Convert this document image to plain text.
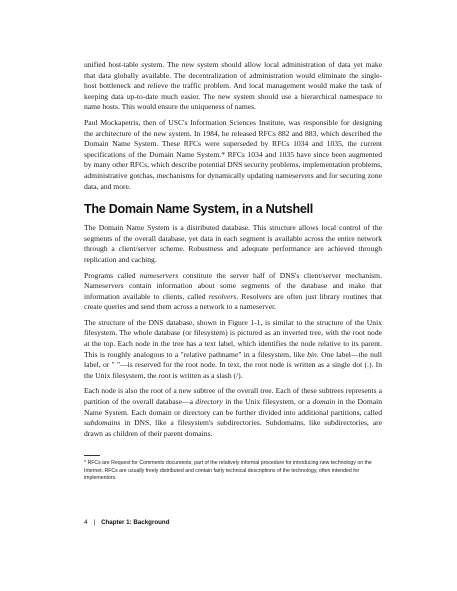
unified host-table system. The new system should allow local administration of data yet make that data globally available. The decentralization of administration would eliminate the single-host bottleneck and relieve the traffic problem. And local management would make the task of keeping data up-to-date much easier. The new system should use a hierarchical namespace to name hosts. This would ensure the uniqueness of names.

Paul Mockapetris, then of USC's Information Sciences Institute, was responsible for designing the architecture of the new system. In 1984, he released RFCs 882 and 883, which described the Domain Name System. These RFCs were superseded by RFCs 1034 and 1035, the current specifications of the Domain Name System.* RFCs 1034 and 1035 have since been augmented by many other RFCs, which describe potential DNS security problems, implementation problems, administrative gotchas, mechanisms for dynamically updating nameservers and for securing zone data, and more.

The Domain Name System, in a Nutshell

The Domain Name System is a distributed database. This structure allows local control of the segments of the overall database, yet data in each segment is available across the entire network through a client/server scheme. Robustness and adequate performance are achieved through replication and caching.

Programs called nameservers constitute the server half of DNS's client/server mechanism. Nameservers contain information about some segments of the database and make that information available to clients, called resolvers. Resolvers are often just library routines that create queries and send them across a network to a nameserver.

The structure of the DNS database, shown in Figure 1-1, is similar to the structure of the Unix filesystem. The whole database (or filesystem) is pictured as an inverted tree, with the root node at the top. Each node in the tree has a text label, which identifies the node relative to its parent. This is roughly analogous to a "relative pathname" in a filesystem, like bin. One label—the null label, or " "—is reserved for the root node. In text, the root node is written as a single dot (.). In the Unix filesystem, the root is written as a slash (/).

Each node is also the root of a new subtree of the overall tree. Each of these subtrees represents a partition of the overall database—a directory in the Unix filesystem, or a domain in the Domain Name System. Each domain or directory can be further divided into additional partitions, called subdomains in DNS, like a filesystem's subdirectories. Subdomains, like subdirectories, are drawn as children of their parent domains.

* RFCs are Request for Comments documents, part of the relatively informal procedure for introducing new technology on the Internet. RFCs are usually freely distributed and contain fairly technical descriptions of the technology, often intended for implementors.

4 | Chapter 1: Background
